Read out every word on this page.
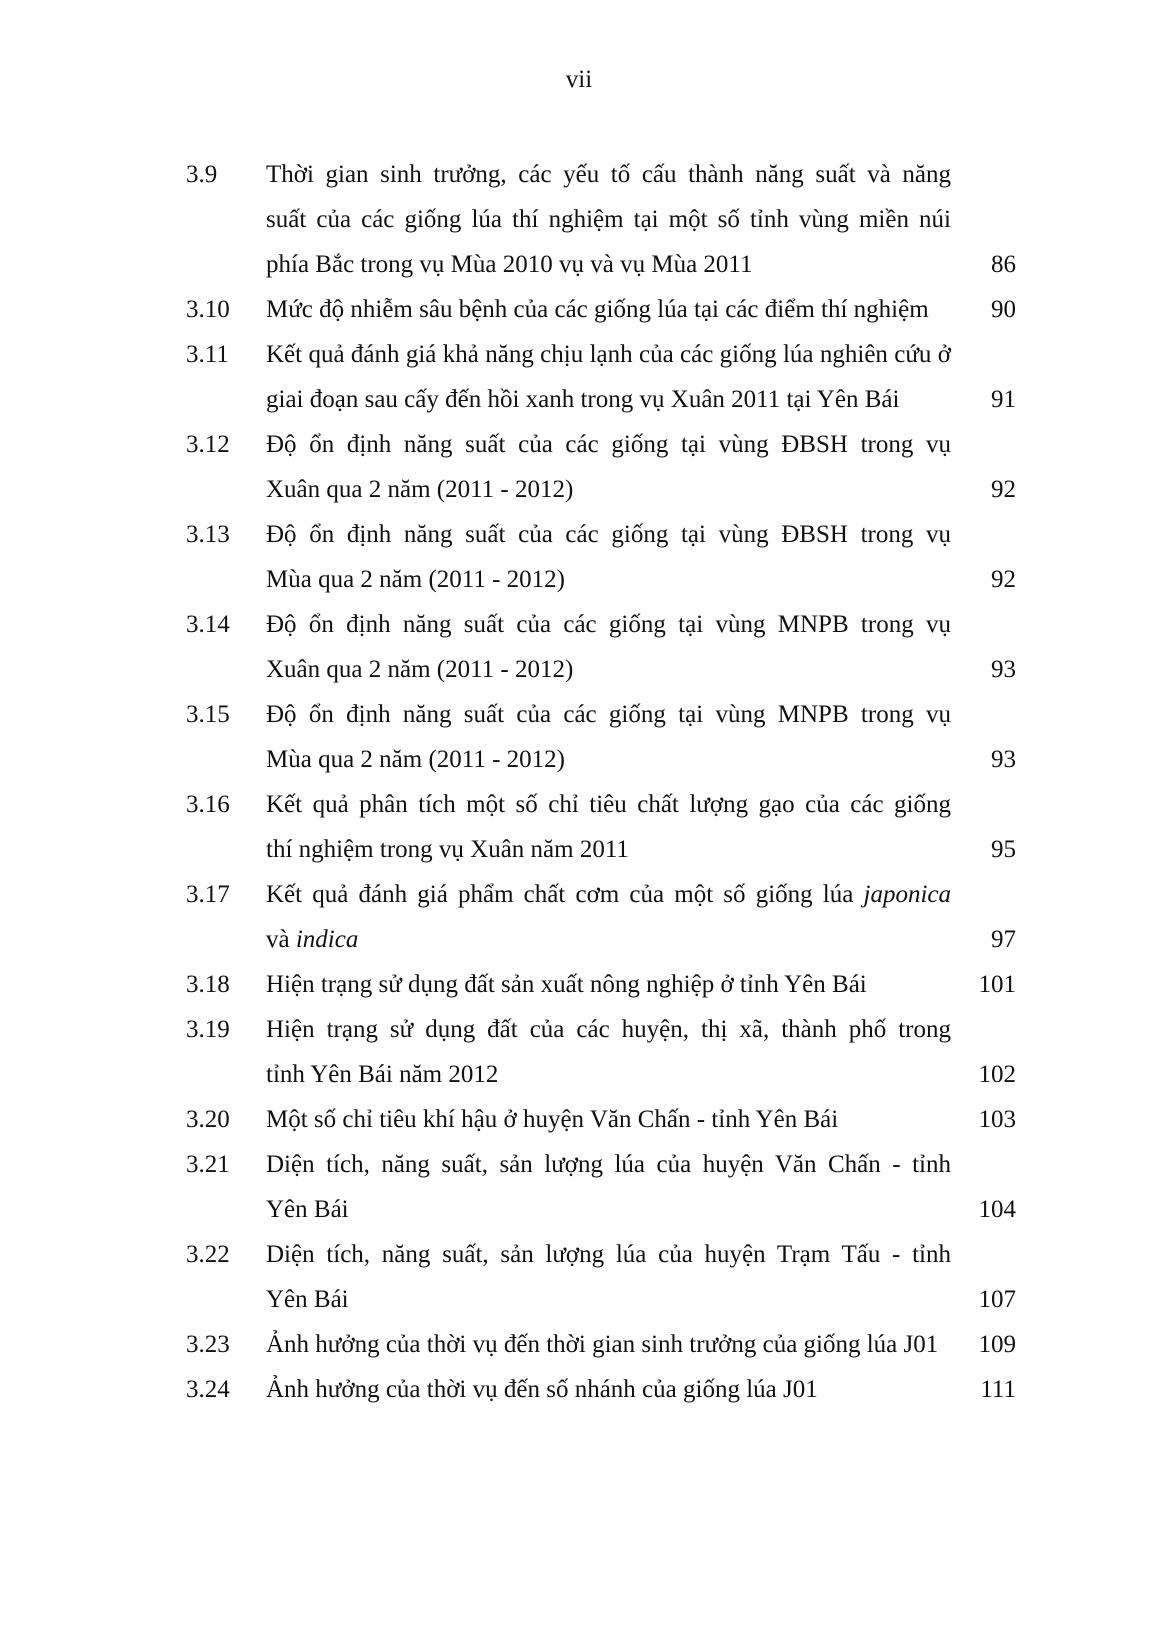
vii
3.9	Thời gian sinh trưởng, các yếu tố cấu thành năng suất và năng
suất của các giống lúa thí nghiệm tại một số tỉnh vùng miền núi
phía Bắc trong vụ Mùa 2010 vụ và vụ Mùa 2011	86
3.10	Mức độ nhiễm sâu bệnh của các giống lúa tại các điểm thí nghiệm	90
3.11	Kết quả đánh giá khả năng chịu lạnh của các giống lúa nghiên cứu ở
giai đoạn sau cấy đến hồi xanh trong vụ Xuân 2011 tại Yên Bái	91
3.12	Độ ổn định năng suất của các giống tại vùng ĐBSH trong vụ
Xuân qua 2 năm (2011 - 2012)	92
3.13	Độ ổn định năng suất của các giống tại vùng ĐBSH trong vụ
Mùa qua 2 năm (2011 - 2012)	92
3.14	Độ ổn định năng suất của các giống tại vùng MNPB trong vụ
Xuân qua 2 năm (2011 - 2012)	93
3.15	Độ ổn định năng suất của các giống tại vùng MNPB trong vụ
Mùa qua 2 năm (2011 - 2012)	93
3.16	Kết quả phân tích một số chỉ tiêu chất lượng gạo của các giống
thí nghiệm trong vụ Xuân năm 2011	95
3.17	Kết quả đánh giá phẩm chất cơm của một số giống lúa japonica
và indica	97
3.18	Hiện trạng sử dụng đất sản xuất nông nghiệp ở tỉnh Yên Bái	101
3.19	Hiện trạng sử dụng đất của các huyện, thị xã, thành phố trong
tỉnh Yên Bái năm 2012	102
3.20	Một số chỉ tiêu khí hậu ở huyện Văn Chấn - tỉnh Yên Bái	103
3.21	Diện tích, năng suất, sản lượng lúa của huyện Văn Chấn - tỉnh
Yên Bái	104
3.22	Diện tích, năng suất, sản lượng lúa của huyện Trạm Tấu - tỉnh
Yên Bái	107
3.23	Ảnh hưởng của thời vụ đến thời gian sinh trưởng của giống lúa J01	109
3.24	Ảnh hưởng của thời vụ đến số nhánh của giống lúa J01	111
